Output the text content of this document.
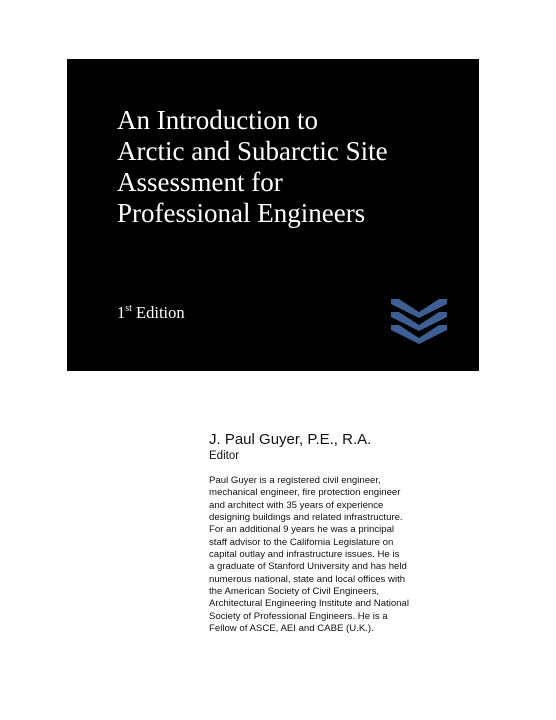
An Introduction to
Arctic and Subarctic Site
Assessment for
Professional Engineers
1st Edition
J. Paul Guyer, P.E., R.A.
Editor
Paul Guyer is a registered civil engineer,
mechanical engineer, fire protection engineer
and architect with 35 years of experience
designing buildings and related infrastructure.
For an additional 9 years he was a principal
staff advisor to the California Legislature on
capital outlay and infrastructure issues. He is
a graduate of Stanford University and has held
numerous national, state and local offices with
the American Society of Civil Engineers,
Architectural Engineering Institute and National
Society of Professional Engineers. He is a
Fellow of ASCE, AEI and CABE (U.K.).
